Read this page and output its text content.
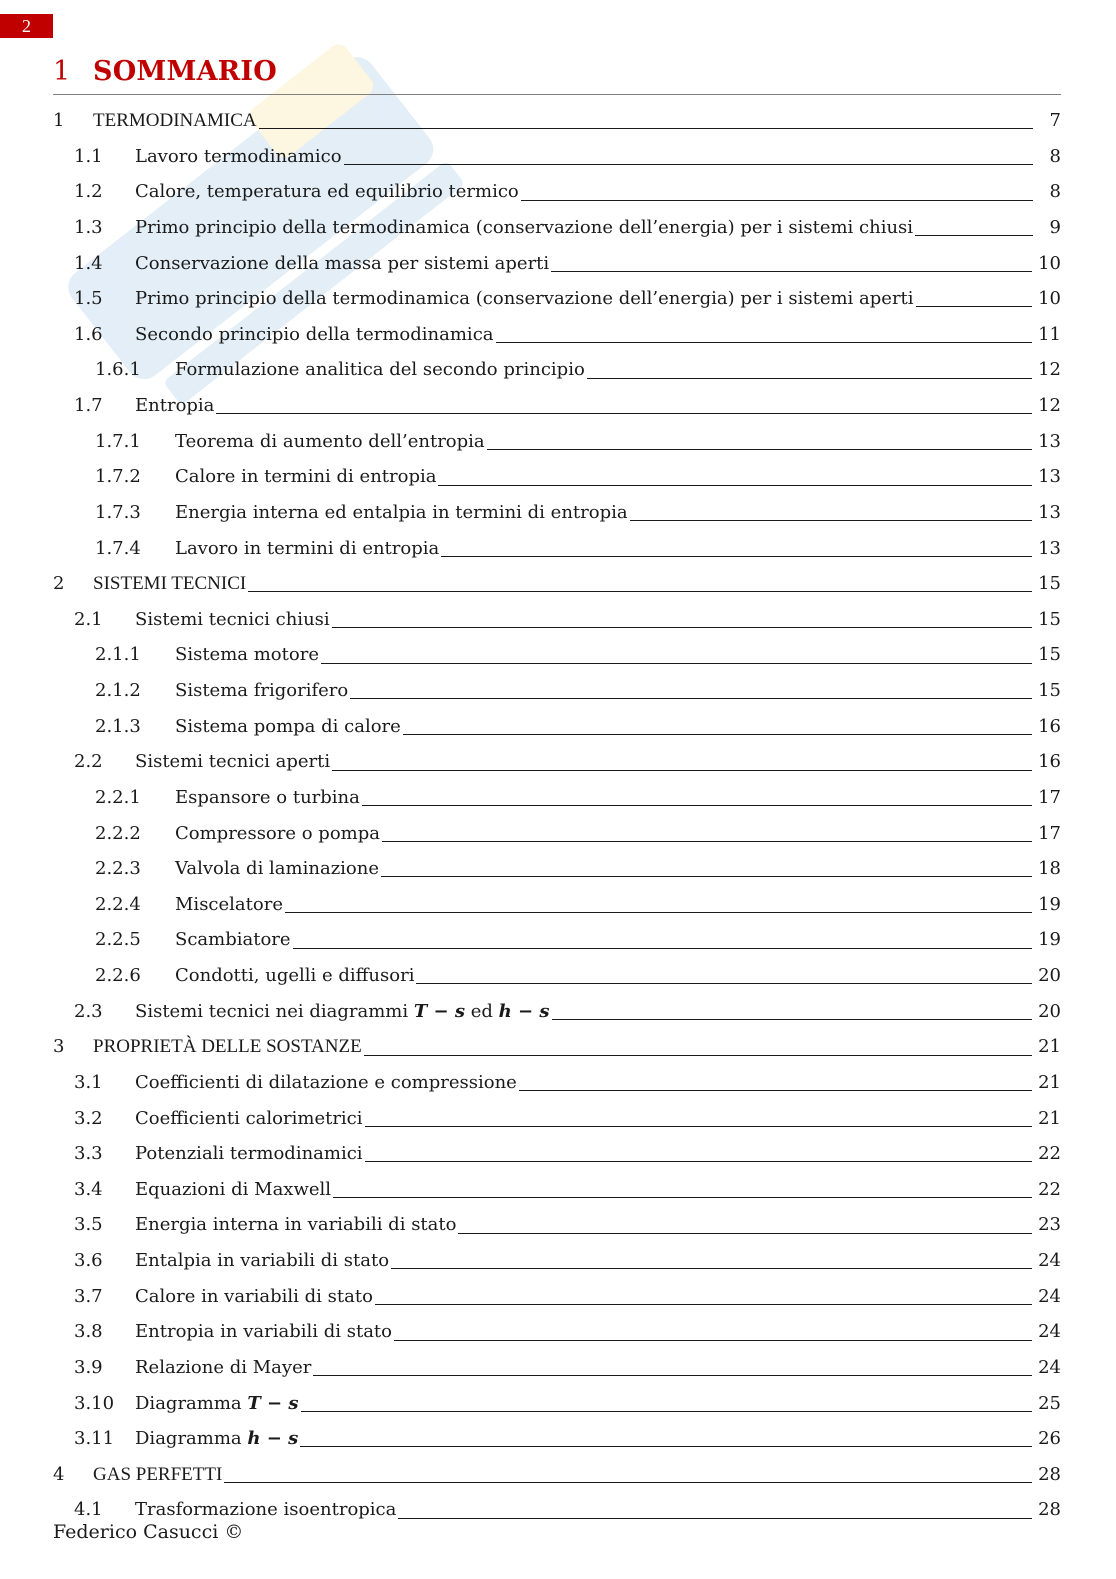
2
1 SOMMARIO
1	TERMODINAMICA	7
1.1	Lavoro termodinamico	8
1.2	Calore, temperatura ed equilibrio termico	8
1.3	Primo principio della termodinamica (conservazione dell’energia) per i sistemi chiusi	9
1.4	Conservazione della massa per sistemi aperti	10
1.5	Primo principio della termodinamica (conservazione dell’energia) per i sistemi aperti	10
1.6	Secondo principio della termodinamica	11
1.6.1	Formulazione analitica del secondo principio	12
1.7	Entropia	12
1.7.1	Teorema di aumento dell’entropia	13
1.7.2	Calore in termini di entropia	13
1.7.3	Energia interna ed entalpia in termini di entropia	13
1.7.4	Lavoro in termini di entropia	13
2	SISTEMI TECNICI	15
2.1	Sistemi tecnici chiusi	15
2.1.1	Sistema motore	15
2.1.2	Sistema frigorifero	15
2.1.3	Sistema pompa di calore	16
2.2	Sistemi tecnici aperti	16
2.2.1	Espansore o turbina	17
2.2.2	Compressore o pompa	17
2.2.3	Valvola di laminazione	18
2.2.4	Miscelatore	19
2.2.5	Scambiatore	19
2.2.6	Condotti, ugelli e diffusori	20
2.3	Sistemi tecnici nei diagrammi T − s ed h − s	20
3	PROPRIETÀ DELLE SOSTANZE	21
3.1	Coefficienti di dilatazione e compressione	21
3.2	Coefficienti calorimetrici	21
3.3	Potenziali termodinamici	22
3.4	Equazioni di Maxwell	22
3.5	Energia interna in variabili di stato	23
3.6	Entalpia in variabili di stato	24
3.7	Calore in variabili di stato	24
3.8	Entropia in variabili di stato	24
3.9	Relazione di Mayer	24
3.10	Diagramma T − s	25
3.11	Diagramma h − s	26
4	GAS PERFETTI	28
4.1	Trasformazione isoentropica	28
Federico Casucci ©
